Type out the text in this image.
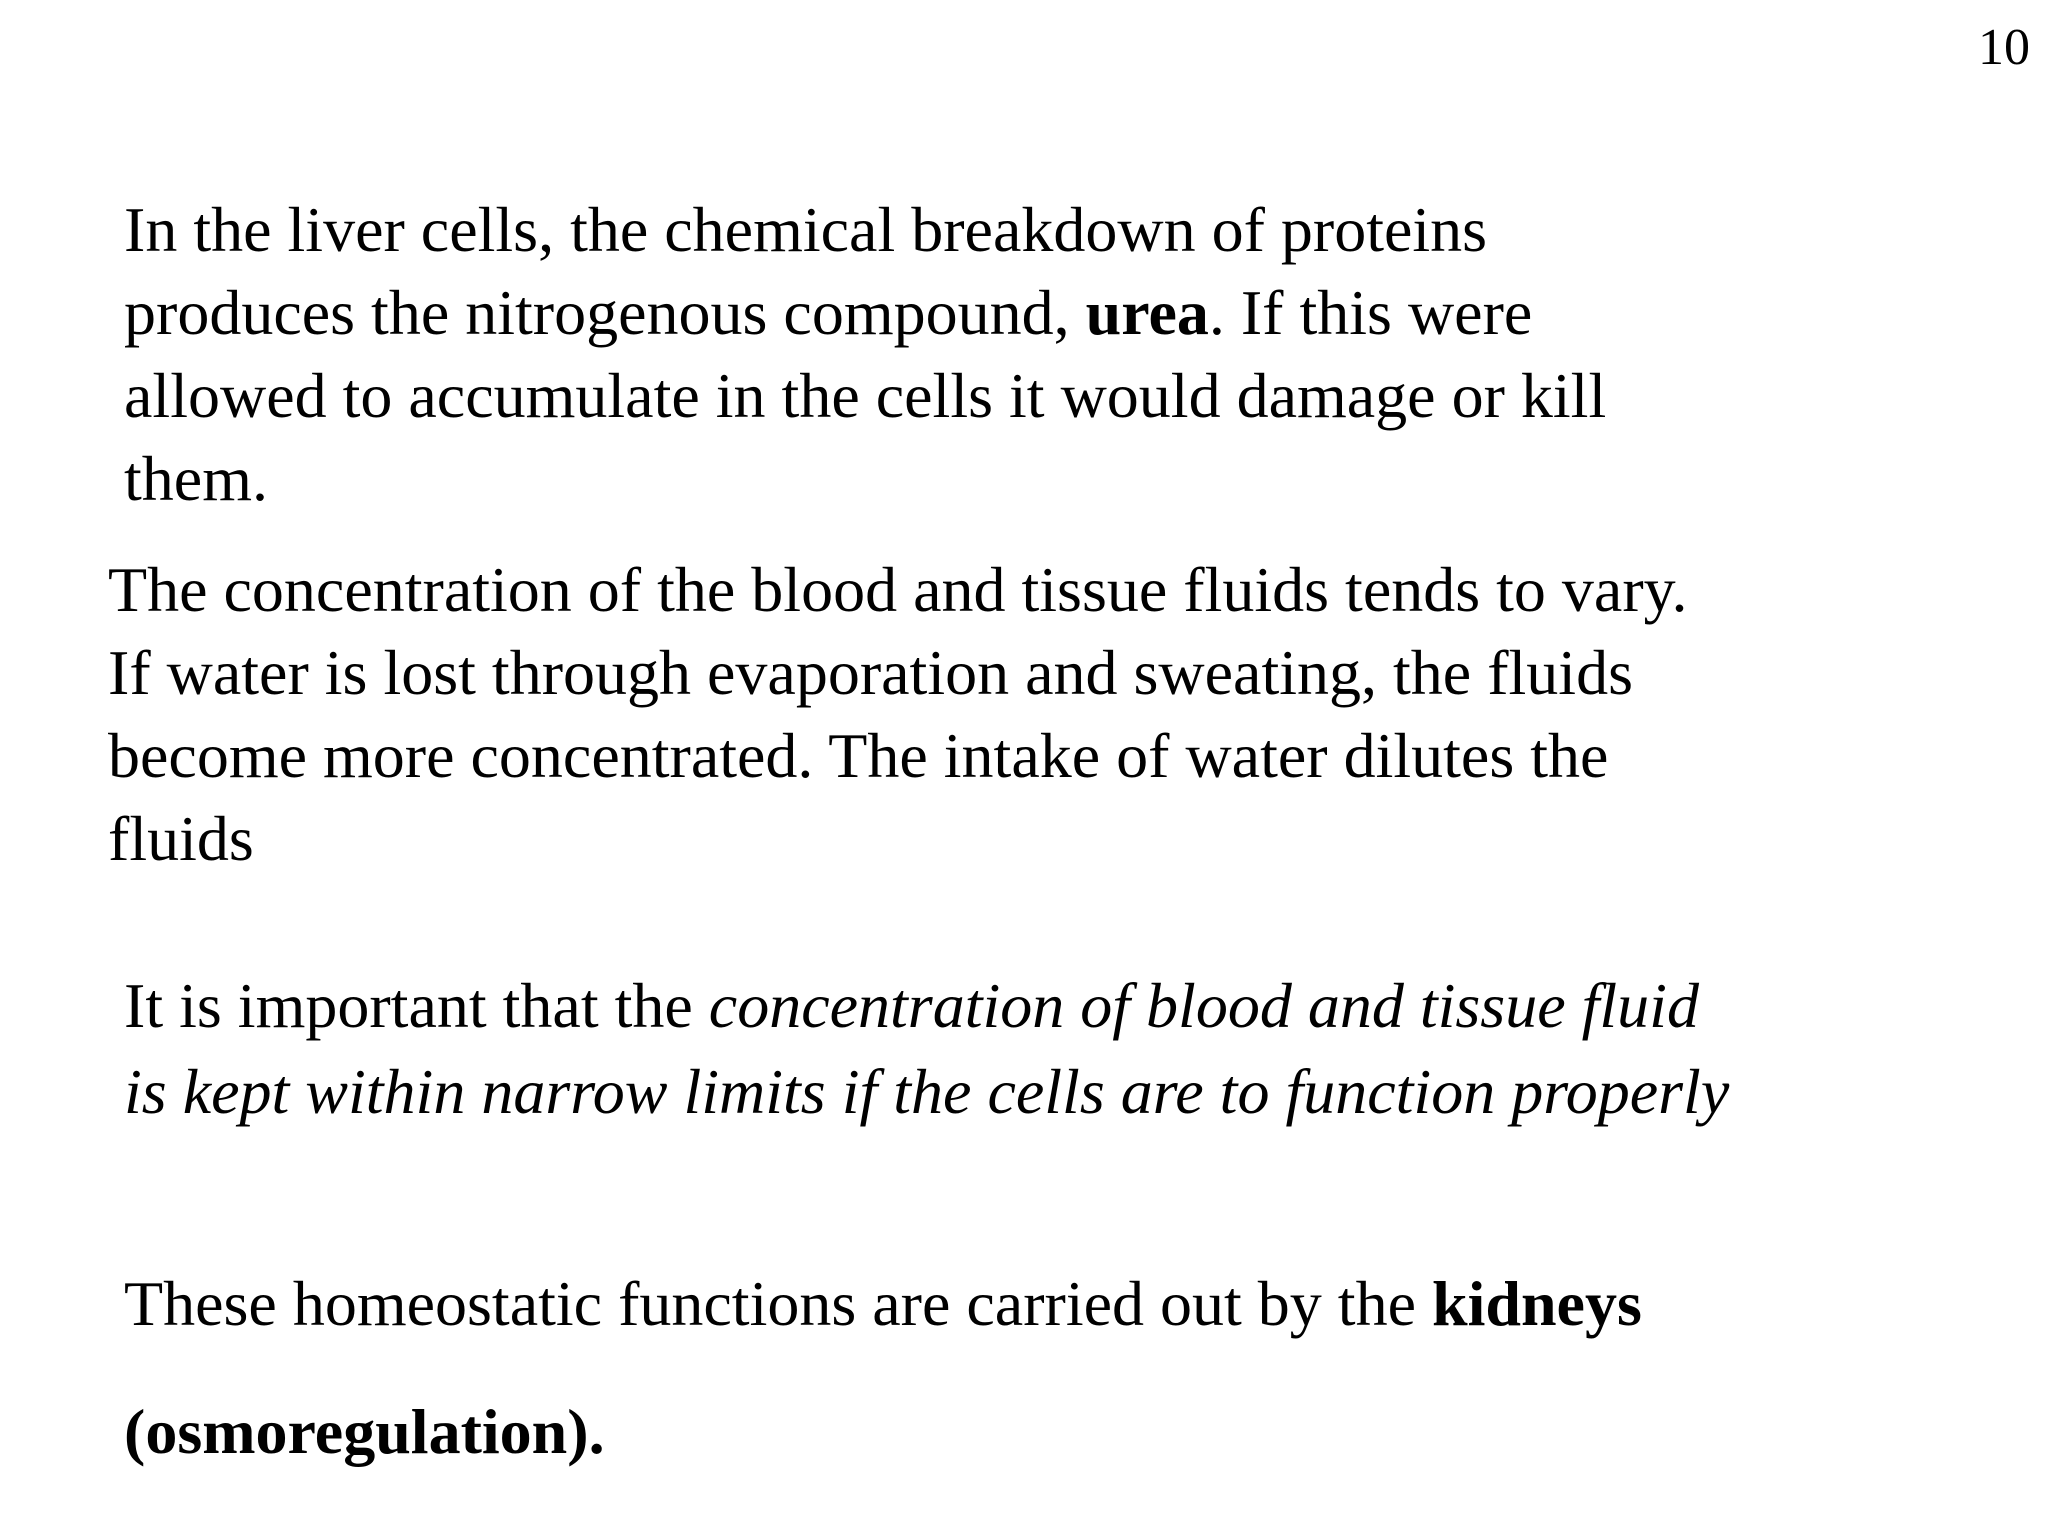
10

In the liver cells, the chemical breakdown of proteins
produces the nitrogenous compound, urea. If this were
allowed to accumulate in the cells it would damage or kill
them.

The concentration of the blood and tissue fluids tends to vary.
If water is lost through evaporation and sweating, the fluids
become more concentrated. The intake of water dilutes the
fluids

It is important that the concentration of blood and tissue fluid
is kept within narrow limits if the cells are to function properly

These homeostatic functions are carried out by the kidneys
(osmoregulation).
